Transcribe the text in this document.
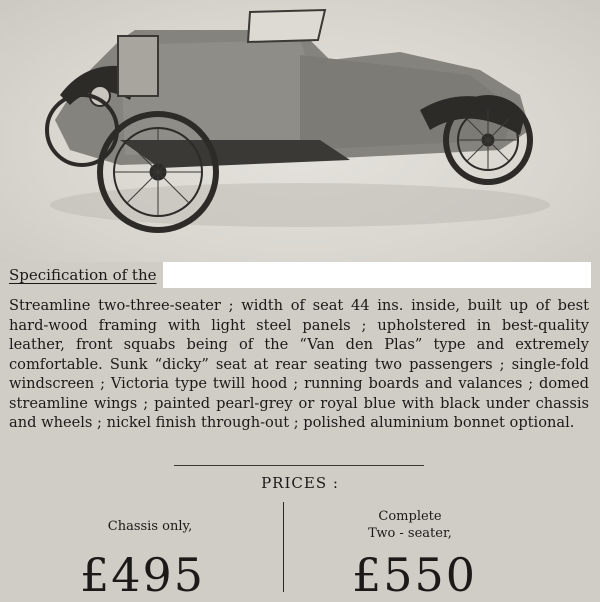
Specification of the

Streamline two-three-seater ; width of seat 44 ins. inside, built up of best hard-wood framing with light steel panels ; upholstered in best-quality leather, front squabs being of the “Van den Plas” type and extremely comfortable. Sunk “dicky” seat at rear seating two passengers ; single-fold windscreen ; Victoria type twill hood ; running boards and valances ; domed streamline wings ; painted pearl-grey or royal blue with black under chassis and wheels ; nickel finish through-out ; polished aluminium bonnet optional.

PRICES :
Chassis only,
£495
Complete
Two - seater,
£550
